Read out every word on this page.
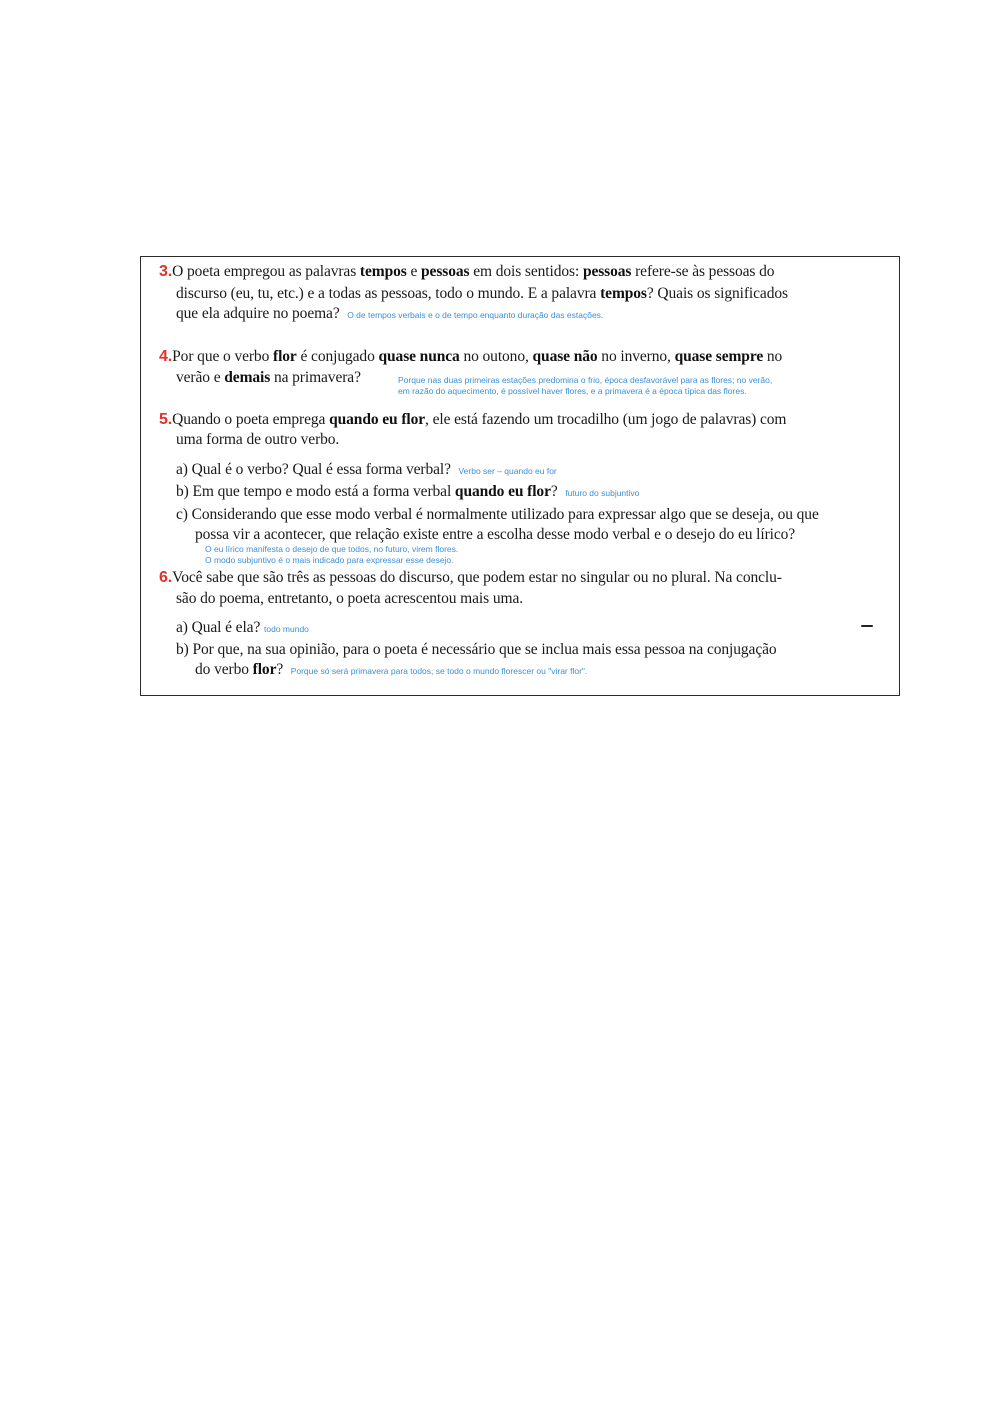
3.O poeta empregou as palavras tempos e pessoas em dois sentidos: pessoas refere-se às pessoas do
discurso (eu, tu, etc.) e a todas as pessoas, todo o mundo. E a palavra tempos? Quais os significados
que ela adquire no poema? O de tempos verbais e o de tempo enquanto duração das estações.
4.Por que o verbo flor é conjugado quase nunca no outono, quase não no inverno, quase sempre no
verão e demais na primavera?	Porque nas duas primeiras estações predomina o frio, época desfavorável para as flores; no verão,
em razão do aquecimento, é possível haver flores, e a primavera é a época típica das flores.
5.Quando o poeta emprega quando eu flor, ele está fazendo um trocadilho (um jogo de palavras) com
uma forma de outro verbo.
a) Qual é o verbo? Qual é essa forma verbal? Verbo ser – quando eu for
b) Em que tempo e modo está a forma verbal quando eu flor? futuro do subjuntivo
c) Considerando que esse modo verbal é normalmente utilizado para expressar algo que se deseja, ou que
possa vir a acontecer, que relação existe entre a escolha desse modo verbal e o desejo do eu lírico?
O eu lírico manifesta o desejo de que todos, no futuro, virem flores.
O modo subjuntivo é o mais indicado para expressar esse desejo.
6.Você sabe que são três as pessoas do discurso, que podem estar no singular ou no plural. Na conclu-
são do poema, entretanto, o poeta acrescentou mais uma.
a) Qual é ela? todo mundo
b) Por que, na sua opinião, para o poeta é necessário que se inclua mais essa pessoa na conjugação
do verbo flor? Porque só será primavera para todos, se todo o mundo florescer ou "virar flor".
